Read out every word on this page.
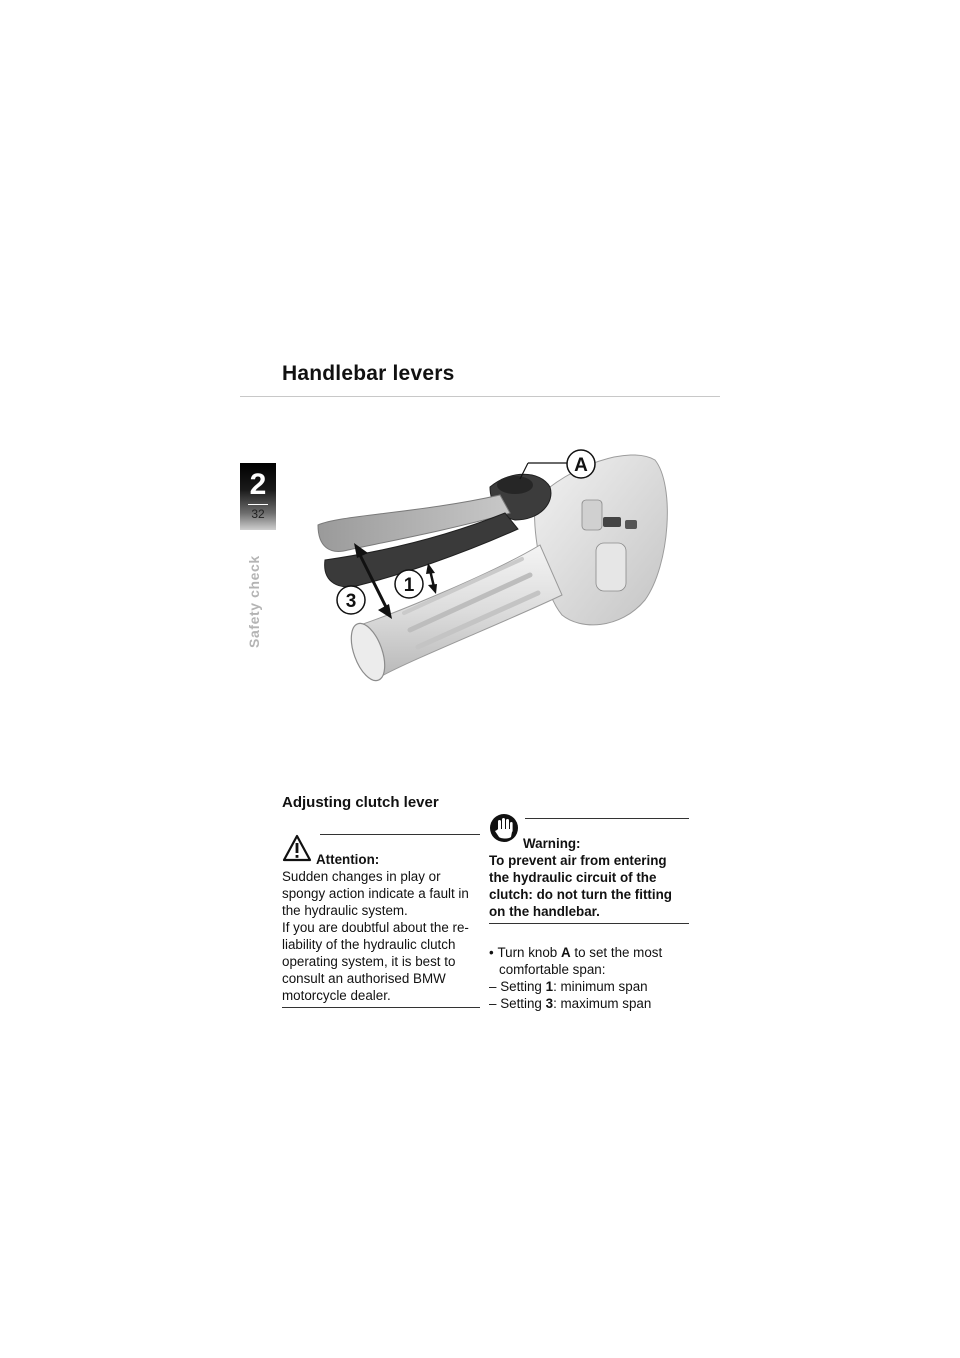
Handlebar levers
2
32
Safety check
A
1
3
Adjusting clutch lever
Attention:

Sudden changes in play or
spongy action indicate a fault in
the hydraulic system.
If you are doubtful about the re-
liability of the hydraulic clutch
operating system, it is best to
consult an authorised BMW
motorcycle dealer.

Warning:

To prevent air from entering
the hydraulic circuit of the
clutch: do not turn the fitting
on the handlebar.

• Turn knob A to set the most comfortable span:

– Setting 1: minimum span

– Setting 3: maximum span
